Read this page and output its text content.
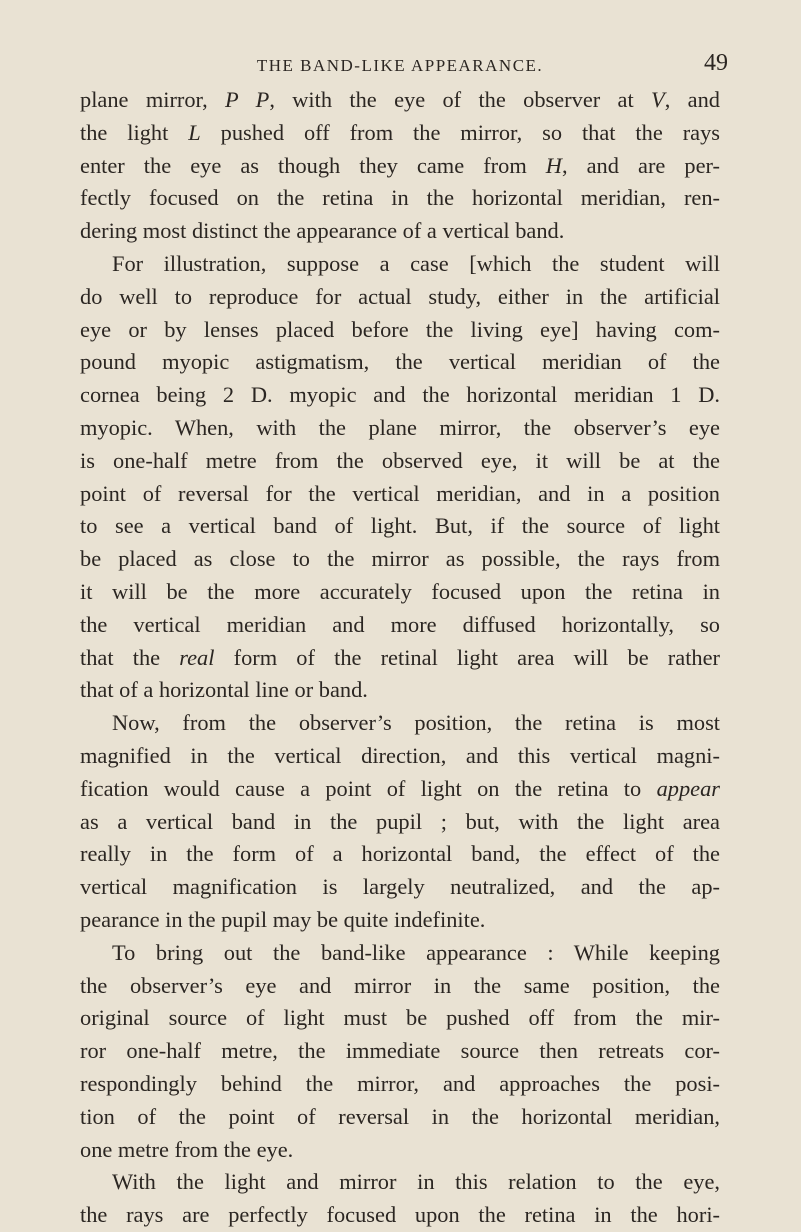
THE BAND-LIKE APPEARANCE.	49
plane mirror, P P, with the eye of the observer at V, and
the light L pushed off from the mirror, so that the rays
enter the eye as though they came from H, and are per-
fectly focused on the retina in the horizontal meridian, ren-
dering most distinct the appearance of a vertical band.
For illustration, suppose a case [which the student will
do well to reproduce for actual study, either in the artificial
eye or by lenses placed before the living eye] having com-
pound myopic astigmatism, the vertical meridian of the
cornea being 2 D. myopic and the horizontal meridian 1 D.
myopic. When, with the plane mirror, the observer’s eye
is one-half metre from the observed eye, it will be at the
point of reversal for the vertical meridian, and in a position
to see a vertical band of light. But, if the source of light
be placed as close to the mirror as possible, the rays from
it will be the more accurately focused upon the retina in
the vertical meridian and more diffused horizontally, so
that the real form of the retinal light area will be rather
that of a horizontal line or band.
Now, from the observer’s position, the retina is most
magnified in the vertical direction, and this vertical magni-
fication would cause a point of light on the retina to appear
as a vertical band in the pupil ; but, with the light area
really in the form of a horizontal band, the effect of the
vertical magnification is largely neutralized, and the ap-
pearance in the pupil may be quite indefinite.
To bring out the band-like appearance : While keeping
the observer’s eye and mirror in the same position, the
original source of light must be pushed off from the mir-
ror one-half metre, the immediate source then retreats cor-
respondingly behind the mirror, and approaches the posi-
tion of the point of reversal in the horizontal meridian,
one metre from the eye.
With the light and mirror in this relation to the eye,
the rays are perfectly focused upon the retina in the hori-
